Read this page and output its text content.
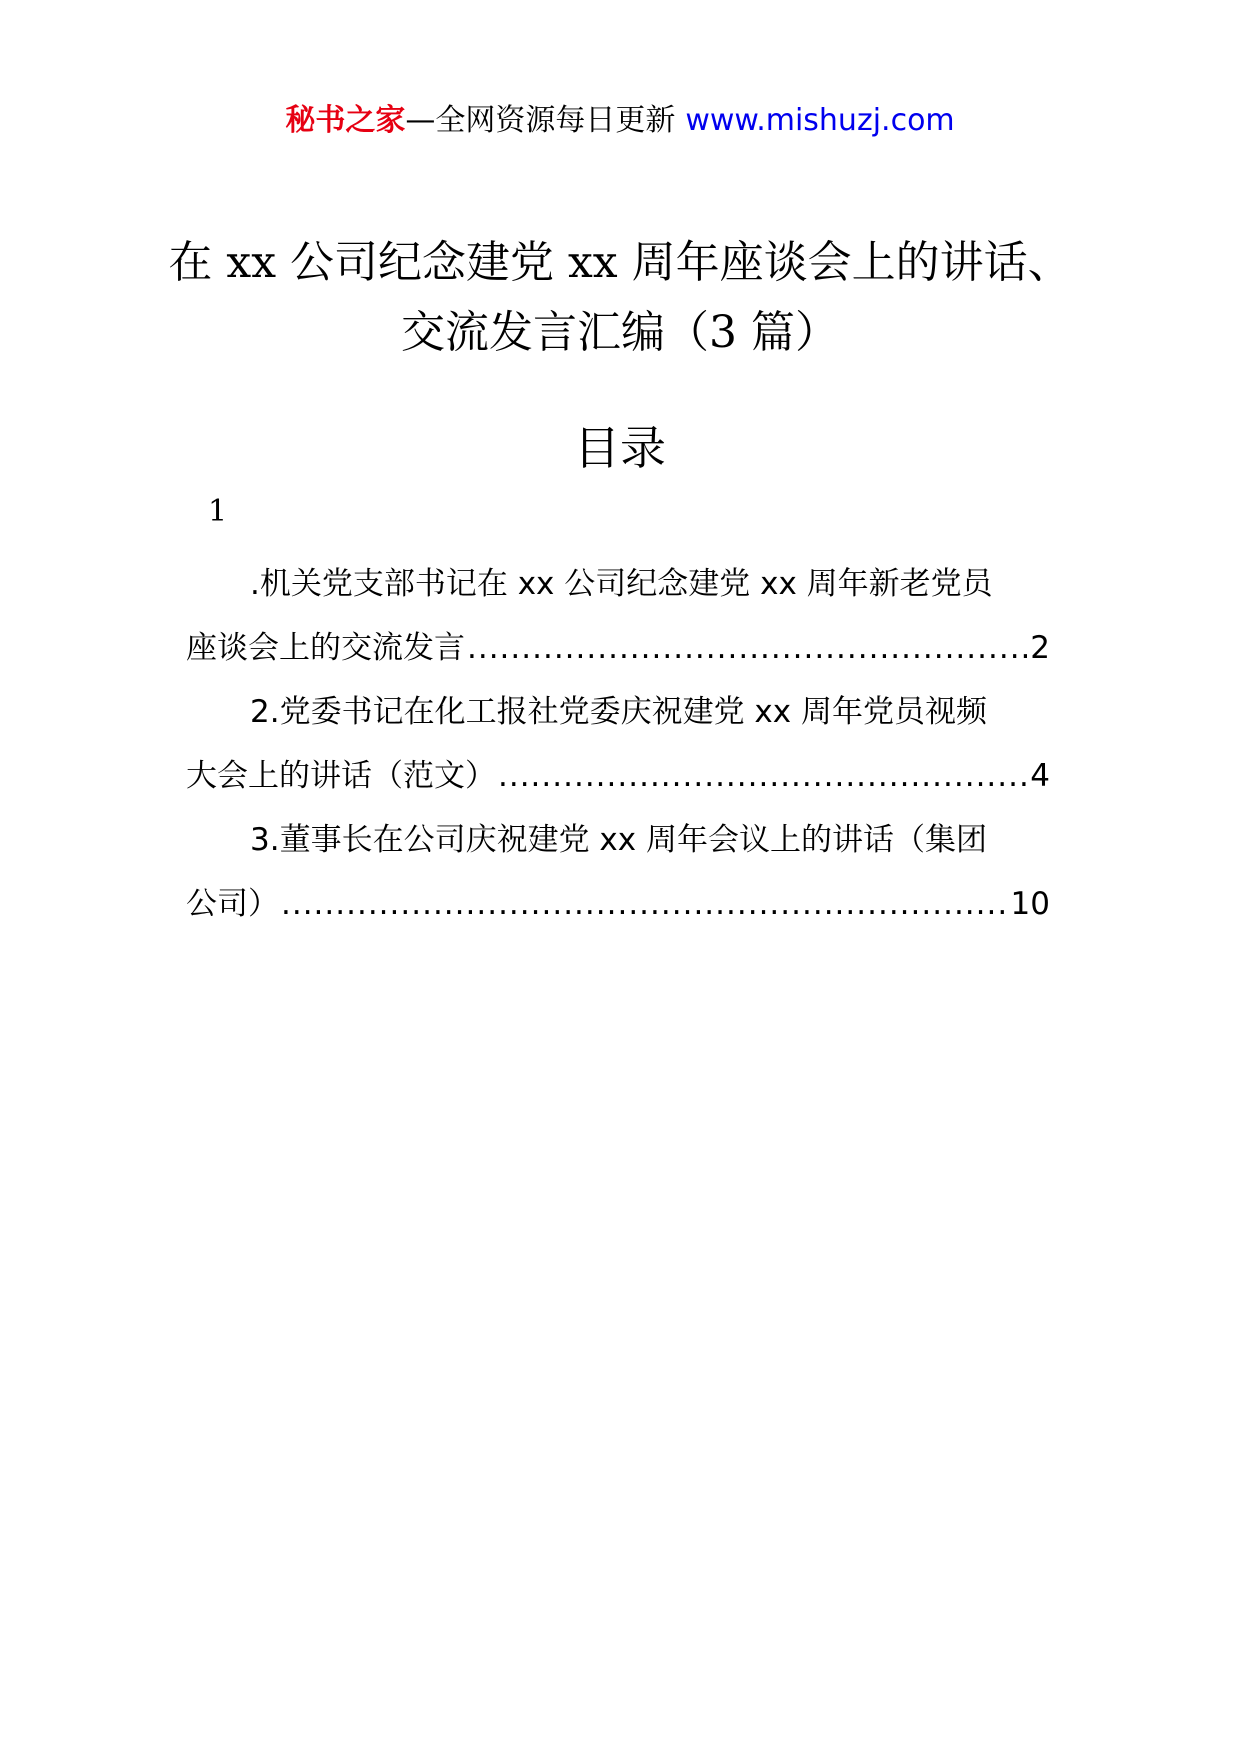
秘书之家—全网资源每日更新 www.mishuzj.com
在 xx 公司纪念建党 xx 周年座谈会上的讲话、
交流发言汇编（3 篇）
目录
1
.机关党支部书记在 xx 公司纪念建党 xx 周年新老党员
座谈会上的交流发言 .....	2
2.党委书记在化工报社党委庆祝建党 xx 周年党员视频
大会上的讲话（范文） .....	4
3.董事长在公司庆祝建党 xx 周年会议上的讲话（集团
公司） .....	10
